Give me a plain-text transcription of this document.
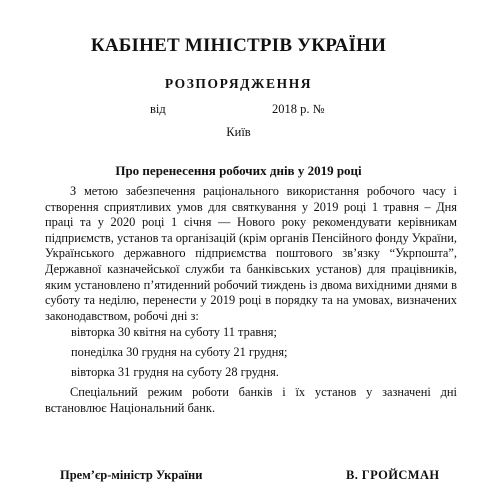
КАБІНЕТ МІНІСТРІВ УКРАЇНИ
РОЗПОРЯДЖЕННЯ
від	2018 р. №
Київ
Про перенесення робочих днів у 2019 році
З метою забезпечення раціонального використання робочого часу і створення сприятливих умов для святкування у 2019 році 1 травня – Дня праці та у 2020 році 1 січня — Нового року рекомендувати керівникам підприємств, установ та організацій (крім органів Пенсійного фонду України, Українського державного підприємства поштового зв’язку “Укрпошта”, Державної казначейської служби та банківських установ) для працівників, яким установлено п’ятиденний робочий тиждень із двома вихідними днями в суботу та неділю, перенести у 2019 році в порядку та на умовах, визначених законодавством, робочі дні з:
вівторка 30 квітня на суботу 11 травня;
понеділка 30 грудня на суботу 21 грудня;
вівторка 31 грудня на суботу 28 грудня.
Спеціальний режим роботи банків і їх установ у зазначені дні встановлює Національний банк.
Прем’єр-міністр України	В. ГРОЙСМАН
